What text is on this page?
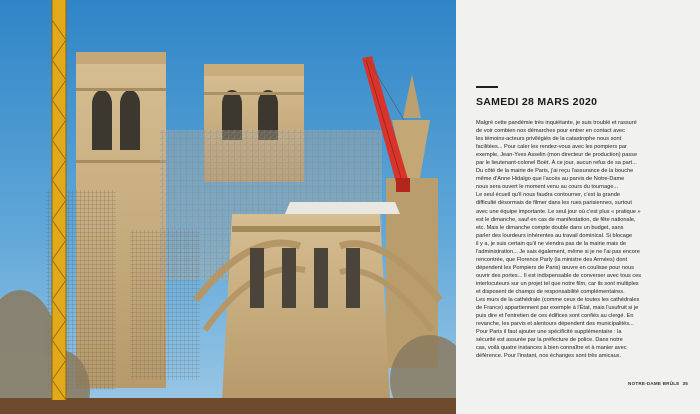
SAMEDI 28 MARS 2020

Malgré cette pandémie très inquiétante, je suis troublé et rassuré

de voir combien nos démarches pour entrer en contact avec

les témoins-acteurs privilégiés de la catastrophe nous sont

facilitées... Pour caler les rendez-vous avec les pompiers par

exemple, Jean-Yves Asselin (mon directeur de production) passe

par le lieutenant-colonel Boët. À ce jour, aucun refus de sa part...

Du côté de la mairie de Paris, j'ai reçu l'assurance de la bouche

même d'Anne Hidalgo que l'accès au parvis de Notre-Dame

nous sera ouvert le moment venu au cours du tournage...

Le seul écueil qu'il nous faudra contourner, c'est la grande

difficulté désormais de filmer dans les rues parisiennes, surtout

avec une équipe importante. Le seul jour où c'est plus « pratique »

est le dimanche, sauf en cas de manifestation, de fête nationale,

etc. Mais le dimanche compte double dans un budget, sans

parler des lourdeurs inhérentes au travail dominical. Si blocage

il y a, je suis certain qu'il ne viendra pas de la mairie mais de

l'administration... Je sais également, même si je ne l'ai pas encore

rencontrée, que Florence Parly (la ministre des Armées) dont

dépendent les Pompiers de Paris) œuvre en coulisse pour nous

ouvrir des portes... Il est indispensable de converser avec tous ces

interlocuteurs sur un projet tel que notre film, car ils sont multiples

et disposent de champs de responsabilité complémentaires.

Les murs de la cathédrale (comme ceux de toutes les cathédrales

de France) appartiennent par exemple à l'État, mais l'usufruit si je

puis dire et l'entretien de ces édifices sont confiés au clergé. En

revanche, les parvis et alentours dépendent des municipalités...

Pour Paris il faut ajouter une spécificité supplémentaire : la

sécurité est assurée par la préfecture de police. Dans notre

cas, voilà quatre instances à bien connaître et à manier avec

déférence. Pour l'instant, nos échanges sont très amicaux.

NOTRE-DAME BRÛLE 35
